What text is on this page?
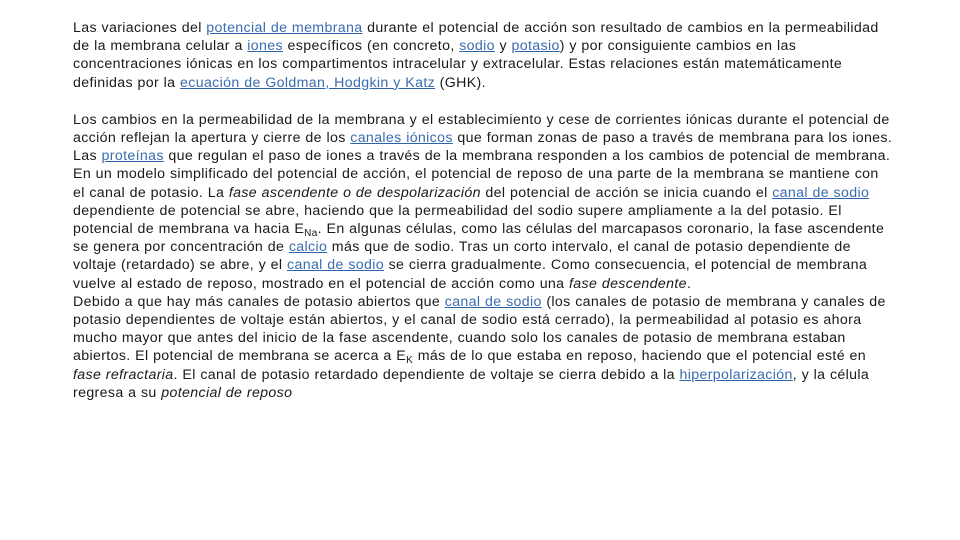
Las variaciones del potencial de membrana durante el potencial de acción son resultado de cambios en la permeabilidad de la membrana celular a iones específicos (en concreto, sodio y potasio) y por consiguiente cambios en las concentraciones iónicas en los compartimentos intracelular y extracelular. Estas relaciones están matemáticamente definidas por la ecuación de Goldman, Hodgkin y Katz (GHK).

Los cambios en la permeabilidad de la membrana y el establecimiento y cese de corrientes iónicas durante el potencial de acción reflejan la apertura y cierre de los canales iónicos que forman zonas de paso a través de membrana para los iones. Las proteínas que regulan el paso de iones a través de la membrana responden a los cambios de potencial de membrana.

En un modelo simplificado del potencial de acción, el potencial de reposo de una parte de la membrana se mantiene con el canal de potasio. La fase ascendente o de despolarización del potencial de acción se inicia cuando el canal de sodio dependiente de potencial se abre, haciendo que la permeabilidad del sodio supere ampliamente a la del potasio. El potencial de membrana va hacia $E_{Na}$. En algunas células, como las células del marcapasos coronario, la fase ascendente se genera por concentración de calcio más que de sodio. Tras un corto intervalo, el canal de potasio dependiente de voltaje (retardado) se abre, y el canal de sodio se cierra gradualmente. Como consecuencia, el potencial de membrana vuelve al estado de reposo, mostrado en el potencial de acción como una fase descendente.

Debido a que hay más canales de potasio abiertos que canal de sodio (los canales de potasio de membrana y canales de potasio dependientes de voltaje están abiertos, y el canal de sodio está cerrado), la permeabilidad al potasio es ahora mucho mayor que antes del inicio de la fase ascendente, cuando solo los canales de potasio de membrana estaban abiertos. El potencial de membrana se acerca a $E_K$ más de lo que estaba en reposo, haciendo que el potencial esté en fase refractaria. El canal de potasio retardado dependiente de voltaje se cierra debido a la hiperpolarización, y la célula regresa a su potencial de reposo
